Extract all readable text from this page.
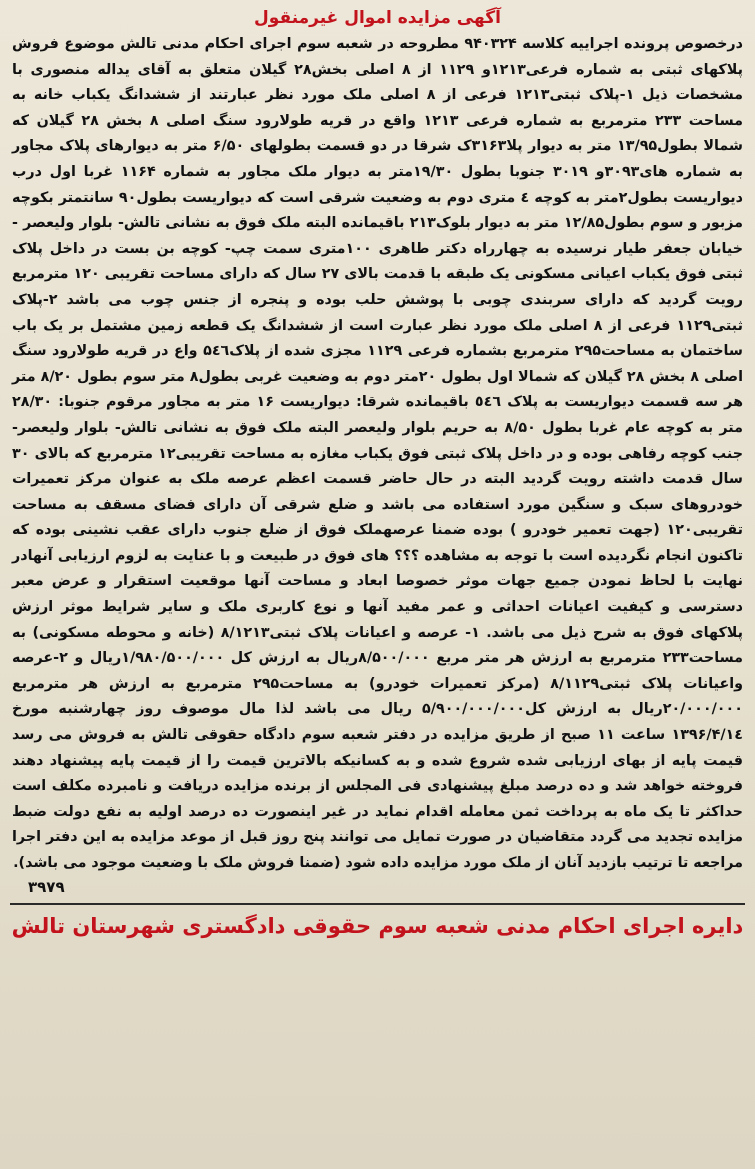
آگهی مزایده اموال غیرمنقول

درخصوص پرونده اجراییه کلاسه ۹۴۰۳۲۴ مطروحه در شعبه سوم اجرای احکام مدنی تالش موضوع فروش پلاکهای ثبتی به شماره فرعی۱۲۱۳و ۱۱۲۹ از ۸ اصلی بخش۲۸ گیلان متعلق به آقای یداله منصوری با مشخصات ذیل ۱-پلاک ثبتی۱۲۱۳ فرعی از ۸ اصلی ملک مورد نظر عبارتند از ششدانگ یکباب خانه به مساحت ۲۳۳ مترمربع به شماره فرعی ۱۲۱۳ واقع در قریه طولارود سنگ اصلی ۸ بخش ۲۸ گیلان که شمالا بطول۱۳/۹۵ متر به دیوار پلا۳۱۶۳ک شرقا در دو قسمت بطولهای ۶/۵۰ متر به دیوارهای پلاک مجاور به شماره های۳۰۹۳و ۳۰۱۹ جنوبا بطول ۱۹/۳۰متر به دیوار ملک مجاور به شماره ۱۱۶۴ غربا اول درب دیواریست بطول۲متر به کوچه ٤ متری دوم به وضعیت شرقی است که دیواریست بطول۹۰ سانتمتر بکوچه مزبور و سوم بطول۱۲/۸۵ متر به دیوار بلوک۲۱۳ باقیمانده البته ملک فوق به نشانی تالش- بلوار ولیعصر - خیابان جعفر طیار نرسیده به چهارراه دکتر طاهری ۱۰۰متری سمت چپ- کوچه بن بست در داخل پلاک ثبتی فوق یکباب اعیانی مسکونی یک طبقه با قدمت بالای ۲۷ سال که دارای مساحت تقریبی ۱۲۰ مترمربع رویت گردید که دارای سربندی چوبی با پوشش حلب بوده و پنجره از جنس چوب می باشد ۲-پلاک ثبتی۱۱۲۹ فرعی از ۸ اصلی ملک مورد نظر عبارت است از ششدانگ یک قطعه زمین مشتمل بر یک باب ساختمان به مساحت۲۹۵ مترمربع بشماره فرعی ۱۱۲۹ مجزی شده از پلاک۵٤٦ واع در قریه طولارود سنگ اصلی ۸ بخش ۲۸ گیلان که شمالا اول بطول ۲۰متر دوم به وضعیت غربی بطول۸ متر سوم بطول ۸/۲۰ متر هر سه قسمت دیواریست به پلاک ٥٤٦ باقیمانده شرقا: دیواریست ۱۶ متر به مجاور مرقوم جنوبا: ۲۸/۳۰ متر به کوچه عام غربا بطول ۸/۵۰ به حریم بلوار ولیعصر البته ملک فوق به نشانی تالش- بلوار ولیعصر- جنب کوچه رفاهی بوده و در داخل پلاک ثبتی فوق یکباب مغازه به مساحت تقریبی۱۲ مترمربع که بالای ۳۰ سال قدمت داشته رویت گردید البته در حال حاضر قسمت اعظم عرصه ملک به عنوان مرکز تعمیرات خودروهای سبک و سنگین مورد استفاده می باشد و ضلع شرقی آن دارای فضای مسقف به مساحت تقریبی۱۲۰ (جهت تعمیر خودرو ) بوده ضمنا عرصهملک فوق از ضلع جنوب دارای عقب نشینی بوده که تاکنون انجام نگردیده است با توجه به مشاهده ؟؟؟ های فوق در طبیعت و با عنایت به لزوم ارزیابی آنهادر نهایت با لحاظ نمودن جمیع جهات موثر خصوصا ابعاد و مساحت آنها موقعیت استقرار و عرض معبر دسترسی و کیفیت اعیانات احداثی و عمر مفید آنها و نوع کاربری ملک و سایر شرایط موثر ارزش پلاکهای فوق به شرح ذیل می باشد. ۱- عرصه و اعیانات پلاک ثبتی۸/۱۲۱۳ (خانه و محوطه مسکونی) به مساحت۲۳۳ مترمربع به ارزش هر متر مربع ۸/۵۰۰/۰۰۰ریال به ارزش کل ۱/۹۸۰/۵۰۰/۰۰۰ریال و ۲-عرصه واعیانات پلاک ثبتی۸/۱۱۲۹ (مرکز تعمیرات خودرو) به مساحت۲۹۵ مترمربع به ارزش هر مترمربع ۲۰/۰۰۰/۰۰۰ریال به ارزش کل۵/۹۰۰/۰۰۰/۰۰۰ ریال می باشد لذا مال موصوف روز چهارشنبه مورخ ۱۳۹۶/۴/۱٤ ساعت ۱۱ صبح از طریق مزایده در دفتر شعبه سوم دادگاه حقوقی تالش به فروش می رسد قیمت پایه از بهای ارزیابی شده شروع شده و به کسانیکه بالاترین قیمت را از قیمت پایه پیشنهاد دهند فروخته خواهد شد و ده درصد مبلغ پیشنهادی فی المجلس از برنده مزایده دریافت و نامبرده مکلف است حداکثر تا یک ماه به پرداخت ثمن معامله اقدام نماید در غیر اینصورت ده درصد اولیه به نفع دولت ضبط مزایده تجدید می گردد متقاضیان در صورت تمایل می توانند پنج روز قبل از موعد مزایده به این دفتر اجرا مراجعه تا ترتیب بازدید آنان از ملک مورد مزایده داده شود (ضمنا فروش ملک با وضعیت موجود می باشد).

۳۹۷۹

دایره اجرای احکام مدنی شعبه سوم حقوقی دادگستری شهرستان تالش
